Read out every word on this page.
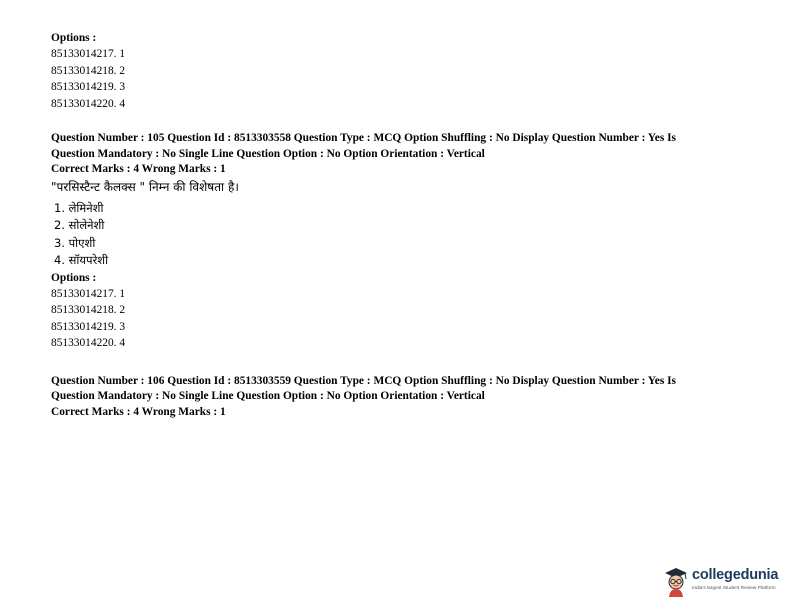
Options :
85133014217. 1
85133014218. 2
85133014219. 3
85133014220. 4
Question Number : 105 Question Id : 8513303558 Question Type : MCQ Option Shuffling : No Display Question Number : Yes Is
Question Mandatory : No Single Line Question Option : No Option Orientation : Vertical
Correct Marks : 4 Wrong Marks : 1
"परसिस्टैन्ट कैलक्स " निम्न की विशेषता है।
1. लेमिनेशी
2. सोलेनेशी
3. पोएशी
4. सॉयपरेशी
Options :
85133014217. 1
85133014218. 2
85133014219. 3
85133014220. 4
Question Number : 106 Question Id : 8513303559 Question Type : MCQ Option Shuffling : No Display Question Number : Yes Is
Question Mandatory : No Single Line Question Option : No Option Orientation : Vertical
Correct Marks : 4 Wrong Marks : 1
collegedunia
India's largest Student Review Platform
